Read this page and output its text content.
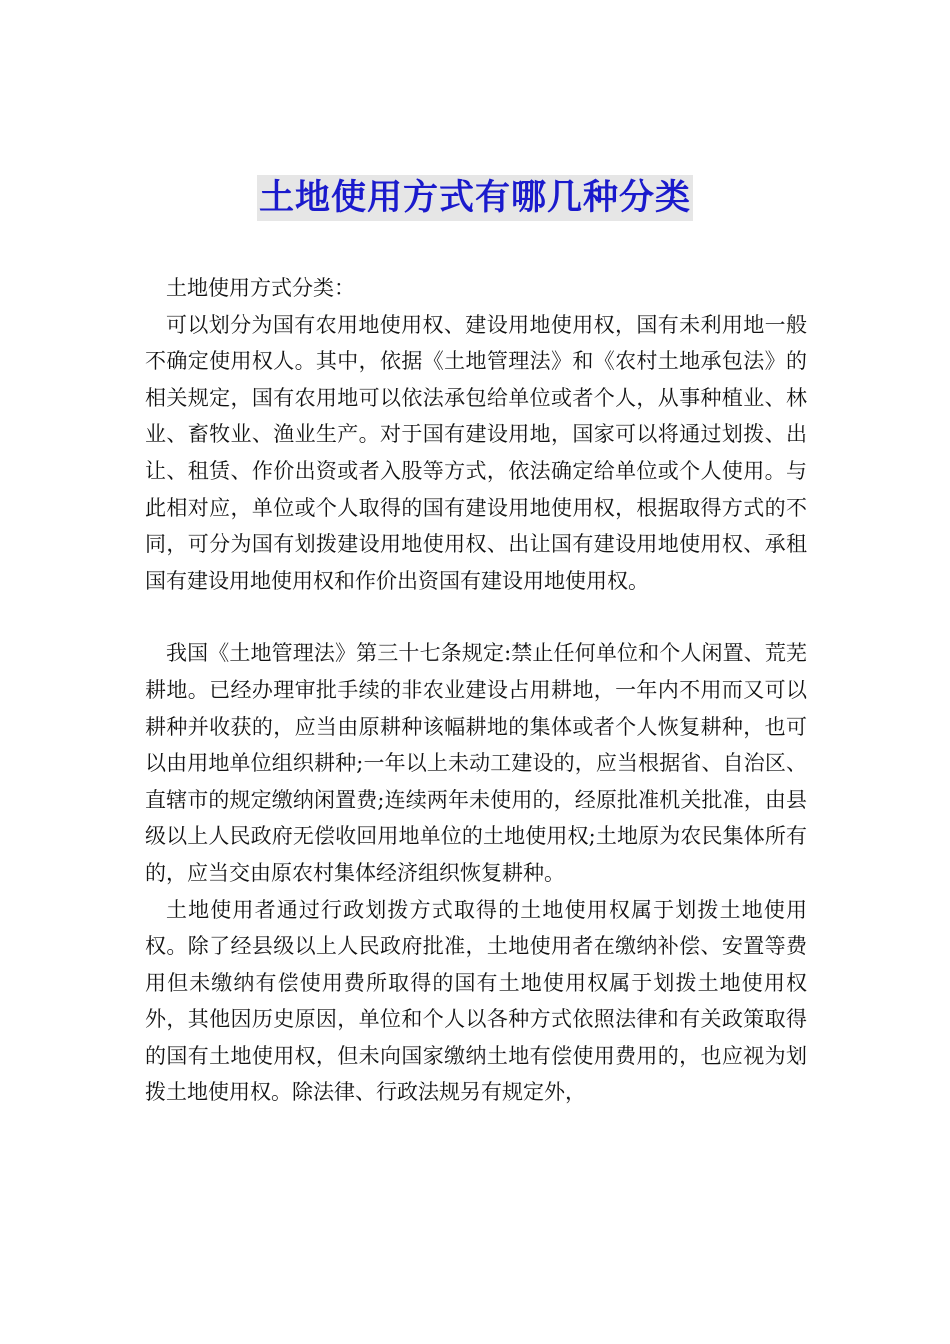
土地使用方式有哪几种分类

土地使用方式分类：

可以划分为国有农用地使用权、建设用地使用权，国有未利用地一般不确定使用权人。其中，依据《土地管理法》和《农村土地承包法》的相关规定，国有农用地可以依法承包给单位或者个人，从事种植业、林业、畜牧业、渔业生产。对于国有建设用地，国家可以将通过划拨、出让、租赁、作价出资或者入股等方式，依法确定给单位或个人使用。与此相对应，单位或个人取得的国有建设用地使用权，根据取得方式的不同，可分为国有划拨建设用地使用权、出让国有建设用地使用权、承租国有建设用地使用权和作价出资国有建设用地使用权。

我国《土地管理法》第三十七条规定:禁止任何单位和个人闲置、荒芜耕地。已经办理审批手续的非农业建设占用耕地，一年内不用而又可以耕种并收获的，应当由原耕种该幅耕地的集体或者个人恢复耕种，也可以由用地单位组织耕种;一年以上未动工建设的，应当根据省、自治区、直辖市的规定缴纳闲置费;连续两年未使用的，经原批准机关批准，由县级以上人民政府无偿收回用地单位的土地使用权;土地原为农民集体所有的，应当交由原农村集体经济组织恢复耕种。

土地使用者通过行政划拨方式取得的土地使用权属于划拨土地使用权。除了经县级以上人民政府批准，土地使用者在缴纳补偿、安置等费用但未缴纳有偿使用费所取得的国有土地使用权属于划拨土地使用权外，其他因历史原因，单位和个人以各种方式依照法律和有关政策取得的国有土地使用权，但未向国家缴纳土地有偿使用费用的，也应视为划拨土地使用权。除法律、行政法规另有规定外，
